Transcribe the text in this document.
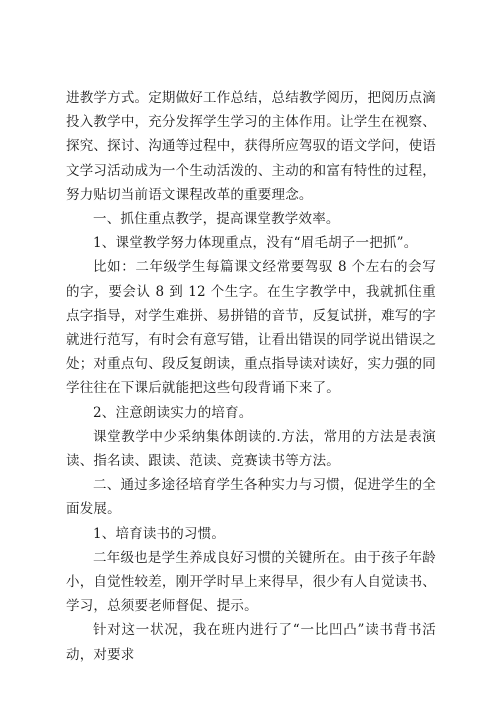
进教学方式。定期做好工作总结，总结教学阅历，把阅历点滴投入教学中，充分发挥学生学习的主体作用。让学生在视察、探究、探讨、沟通等过程中，获得所应驾驭的语文学问，使语文学习活动成为一个生动活泼的、主动的和富有特性的过程，努力贴切当前语文课程改革的重要理念。

一、抓住重点教学，提高课堂教学效率。

1、课堂教学努力体现重点，没有“眉毛胡子一把抓”。

比如：二年级学生每篇课文经常要驾驭 8 个左右的会写的字，要会认 8 到 12 个生字。在生字教学中，我就抓住重点字指导，对学生难拼、易拼错的音节，反复试拼，难写的字就进行范写，有时会有意写错，让看出错误的同学说出错误之处；对重点句、段反复朗读，重点指导读对读好，实力强的同学往往在下课后就能把这些句段背诵下来了。

2、注意朗读实力的培育。

课堂教学中少采纳集体朗读的.方法，常用的方法是表演读、指名读、跟读、范读、竞赛读书等方法。

二、通过多途径培育学生各种实力与习惯，促进学生的全面发展。

1、培育读书的习惯。

二年级也是学生养成良好习惯的关键所在。由于孩子年龄小，自觉性较差，刚开学时早上来得早，很少有人自觉读书、学习，总须要老师督促、提示。

针对这一状况，我在班内进行了“一比凹凸”读书背书活动，对要求
